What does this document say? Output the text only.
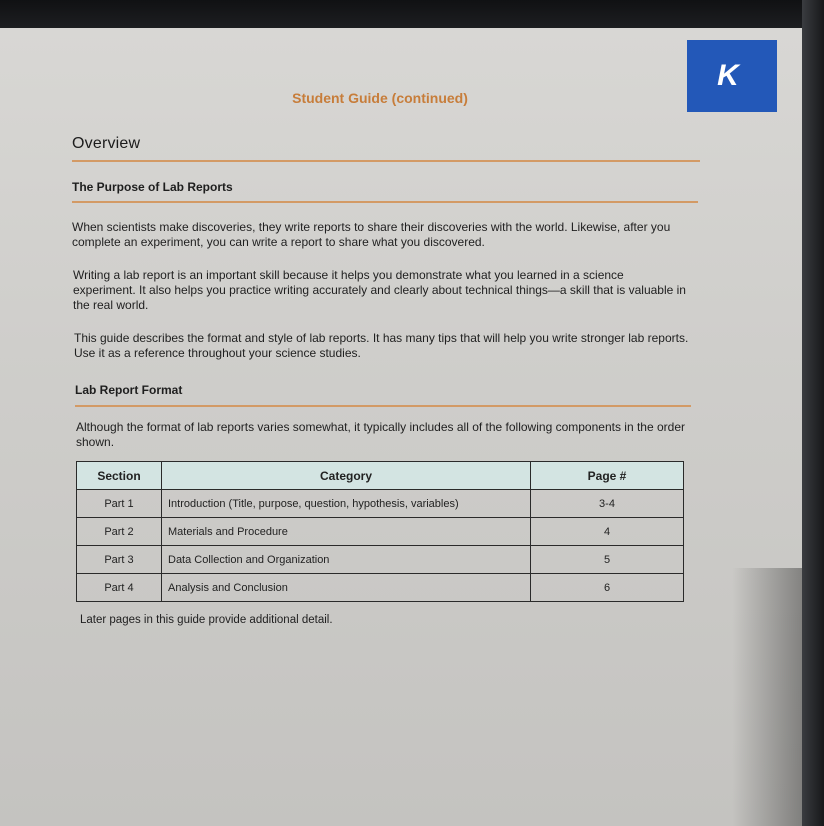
K
Student Guide (continued)
Overview
The Purpose of Lab Reports
When scientists make discoveries, they write reports to share their discoveries with the world. Likewise, after you complete an experiment, you can write a report to share what you discovered.
Writing a lab report is an important skill because it helps you demonstrate what you learned in a science experiment. It also helps you practice writing accurately and clearly about technical things—a skill that is valuable in the real world.
This guide describes the format and style of lab reports. It has many tips that will help you write stronger lab reports. Use it as a reference throughout your science studies.
Lab Report Format
Although the format of lab reports varies somewhat, it typically includes all of the following components in the order shown.
Section	Category	Page #
Part 1	Introduction (Title, purpose, question, hypothesis, variables)	3-4
Part 2	Materials and Procedure	4
Part 3	Data Collection and Organization	5
Part 4	Analysis and Conclusion	6
Later pages in this guide provide additional detail.
